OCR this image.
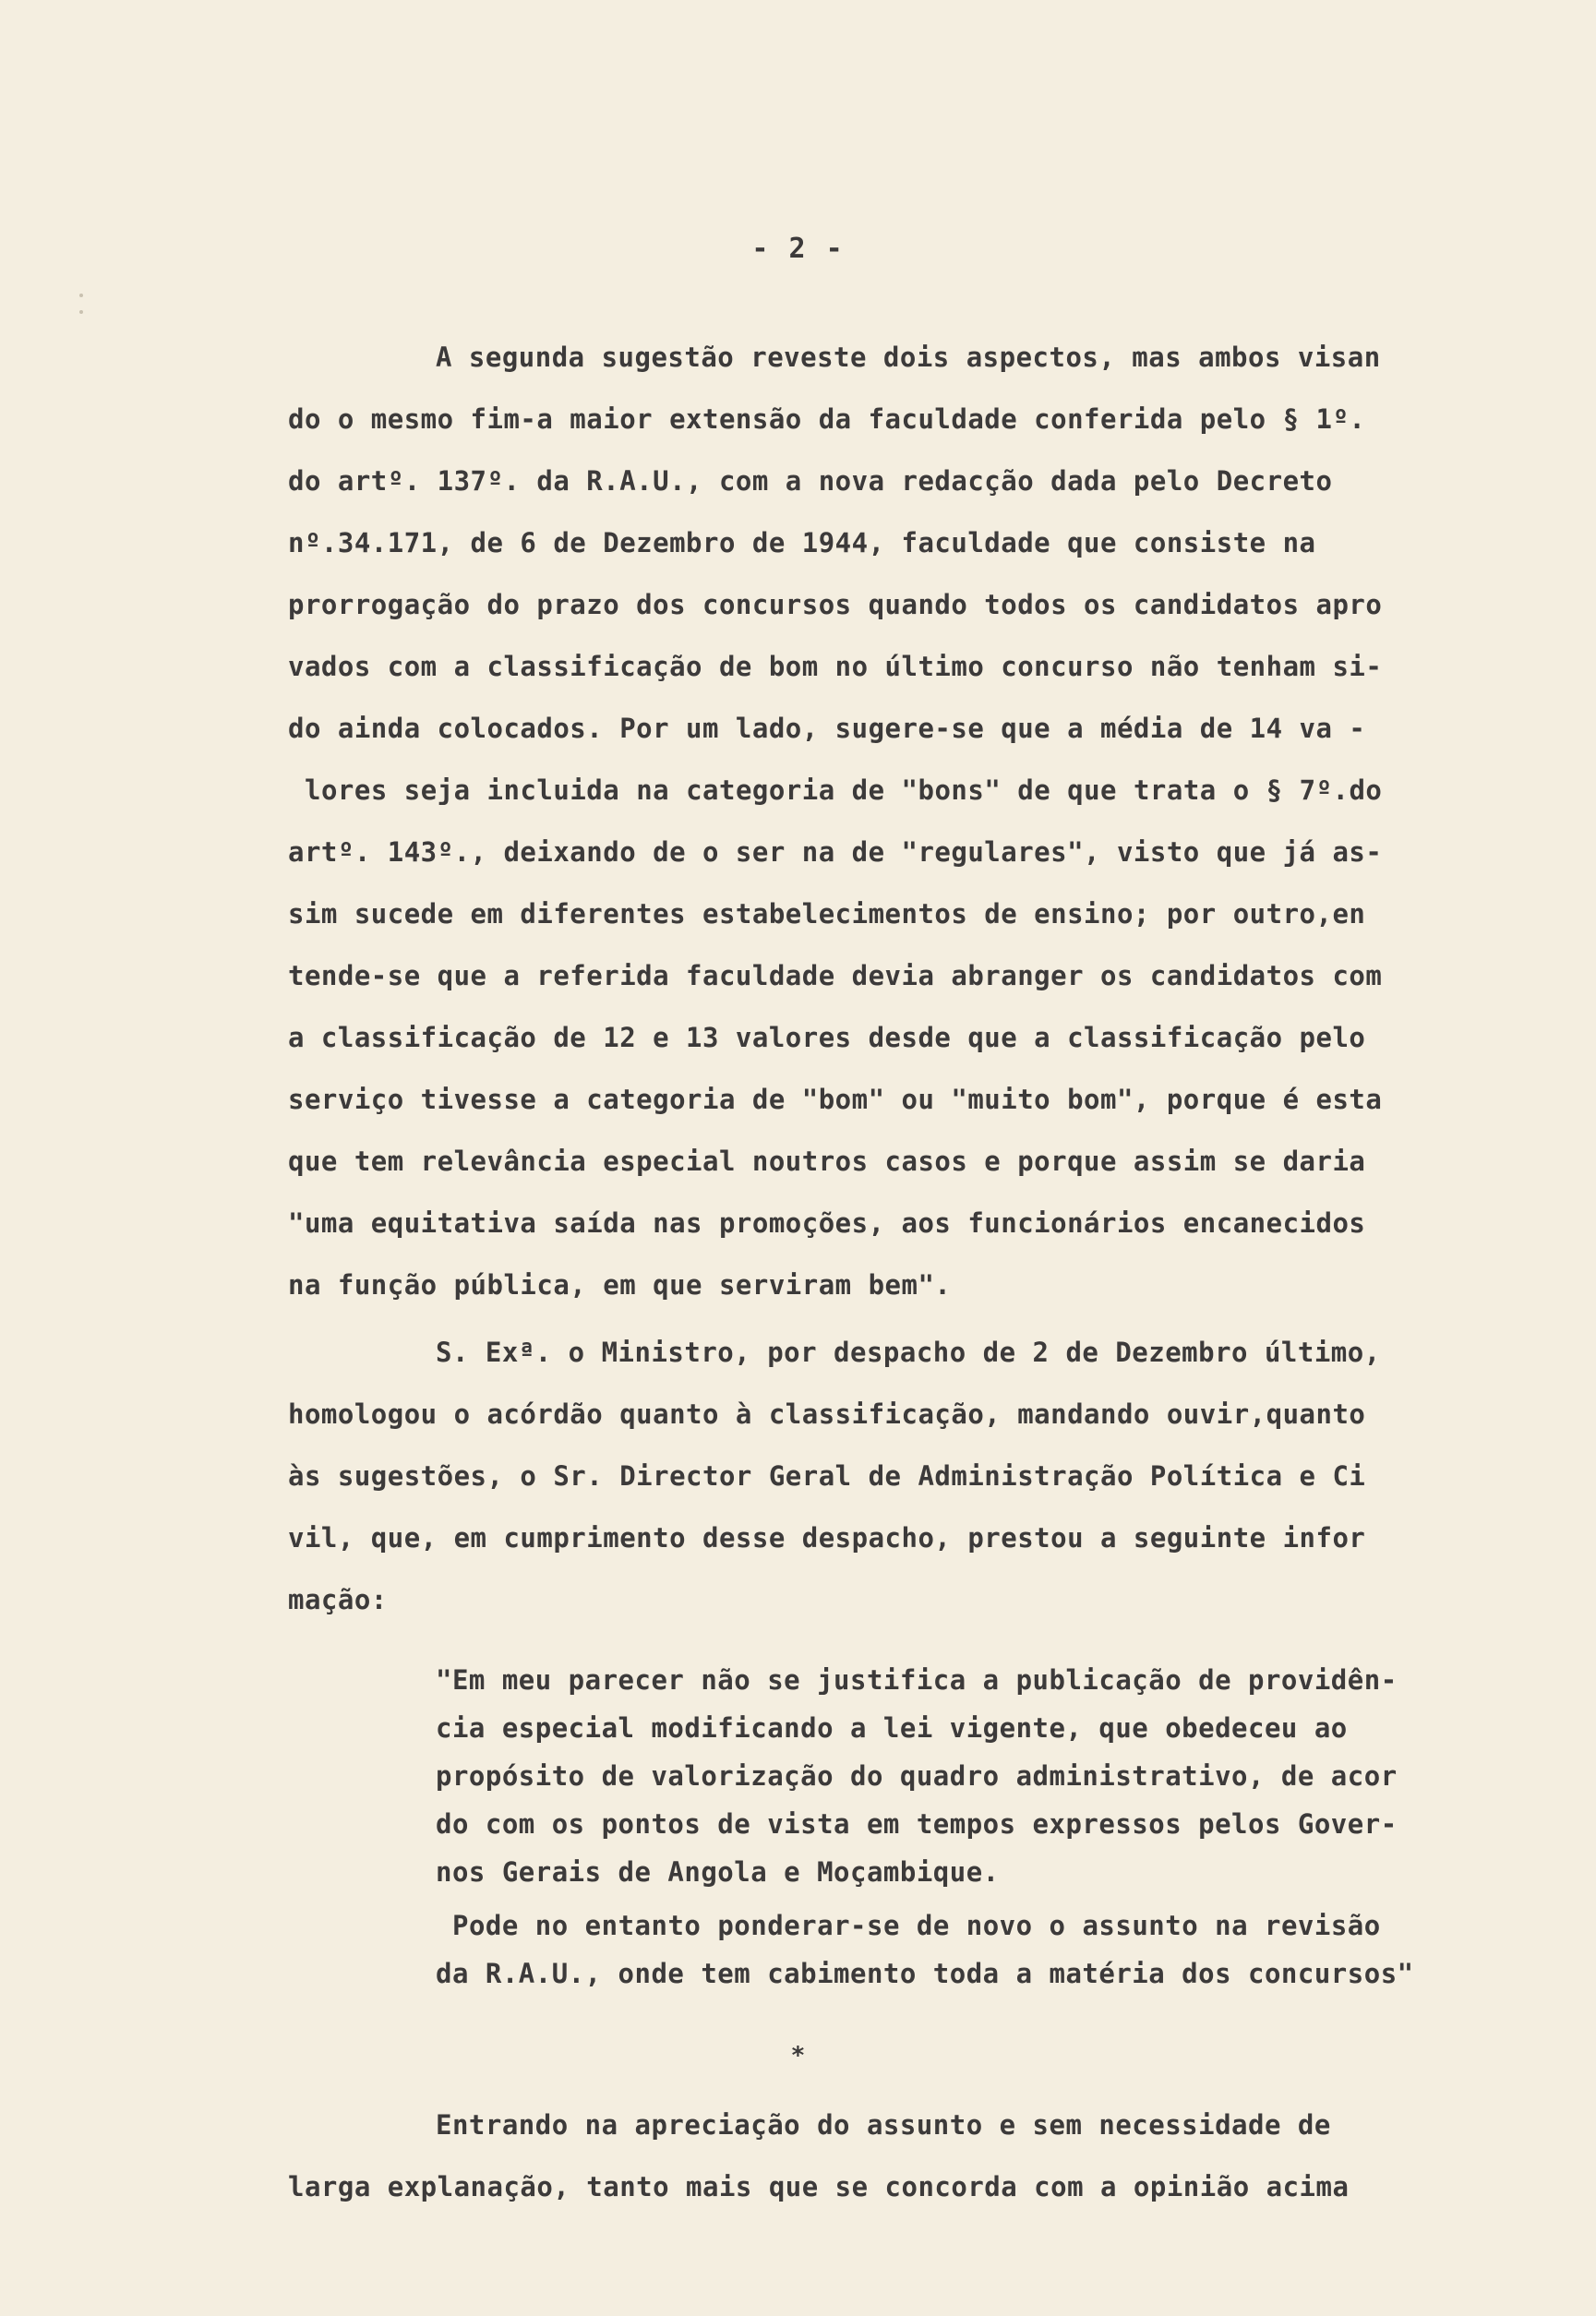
- 2 -
A segunda sugestão reveste dois aspectos, mas ambos visan
do o mesmo fim-a maior extensão da faculdade conferida pelo § 1º.
do artº. 137º. da R.A.U., com a nova redacção dada pelo Decreto
nº.34.171, de 6 de Dezembro de 1944, faculdade que consiste na
prorrogação do prazo dos concursos quando todos os candidatos apro
vados com a classificação de bom no último concurso não tenham si-
do ainda colocados. Por um lado, sugere-se que a média de 14 va -
lores seja incluida na categoria de "bons" de que trata o § 7º.do
artº. 143º., deixando de o ser na de "regulares", visto que já as-
sim sucede em diferentes estabelecimentos de ensino; por outro,en
tende-se que a referida faculdade devia abranger os candidatos com
a classificação de 12 e 13 valores desde que a classificação pelo
serviço tivesse a categoria de "bom" ou "muito bom", porque é esta
que tem relevância especial noutros casos e porque assim se daria
"uma equitativa saída nas promoções, aos funcionários encanecidos
na função pública, em que serviram bem".
S. Exª. o Ministro, por despacho de 2 de Dezembro último,
homologou o acórdão quanto à classificação, mandando ouvir,quanto
às sugestões, o Sr. Director Geral de Administração Política e Ci
vil, que, em cumprimento desse despacho, prestou a seguinte infor
mação:
"Em meu parecer não se justifica a publicação de providên-
cia especial modificando a lei vigente, que obedeceu ao
propósito de valorização do quadro administrativo, de acor
do com os pontos de vista em tempos expressos pelos Gover-
nos Gerais de Angola e Moçambique.
Pode no entanto ponderar-se de novo o assunto na revisão
da R.A.U., onde tem cabimento toda a matéria dos concursos"
*
Entrando na apreciação do assunto e sem necessidade de
larga explanação, tanto mais que se concorda com a opinião acima
